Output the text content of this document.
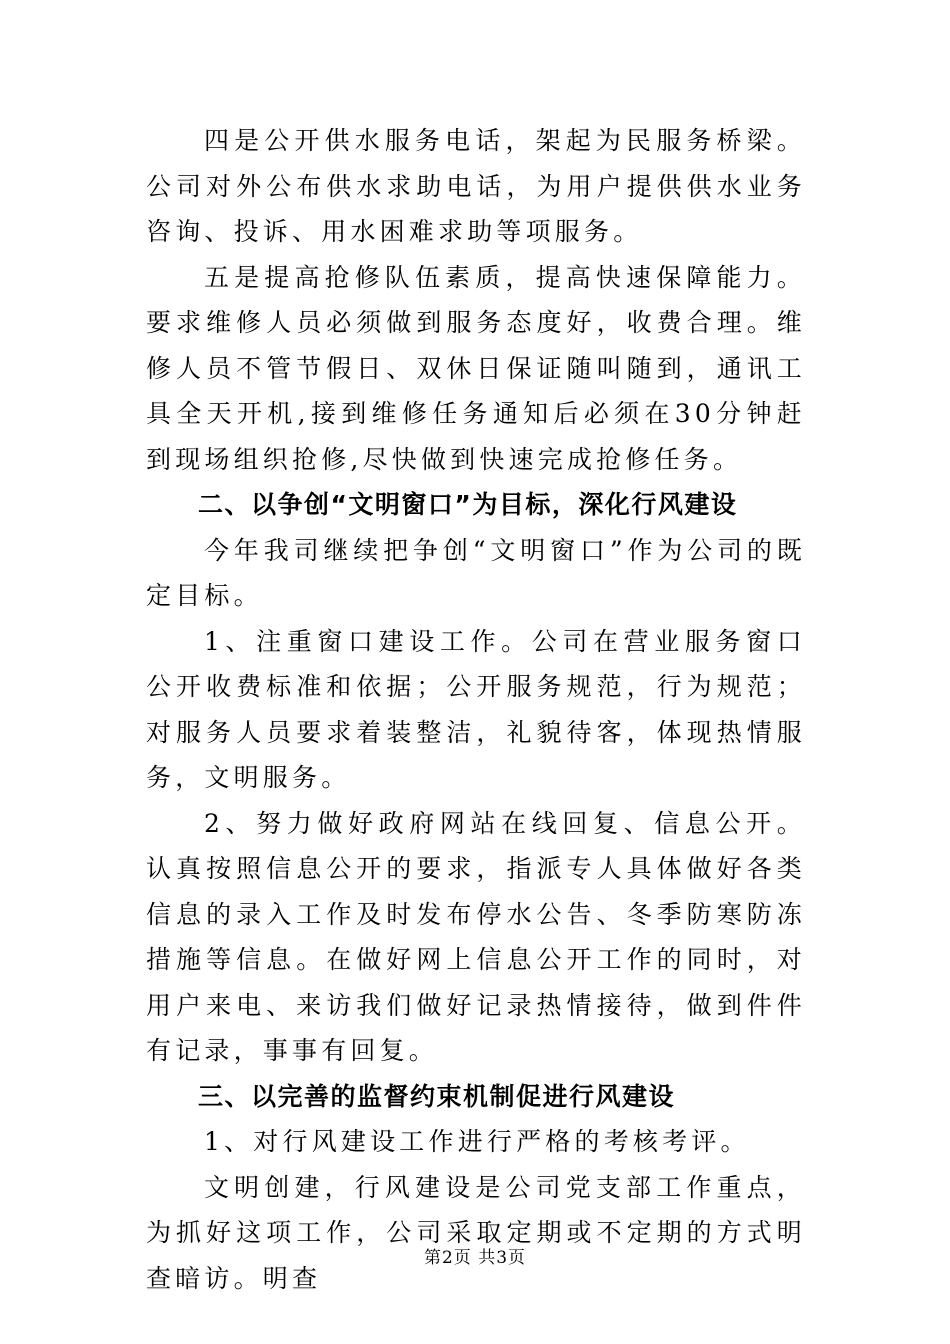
四是公开供水服务电话，架起为民服务桥梁。公司对外公布供水求助电话，为用户提供供水业务咨询、投诉、用水困难求助等项服务。

五是提高抢修队伍素质，提高快速保障能力。要求维修人员必须做到服务态度好，收费合理。维修人员不管节假日、双休日保证随叫随到，通讯工具全天开机,接到维修任务通知后必须在30分钟赶到现场组织抢修,尽快做到快速完成抢修任务。

二、以争创“文明窗口”为目标，深化行风建设

今年我司继续把争创“文明窗口”作为公司的既定目标。

1、注重窗口建设工作。公司在营业服务窗口公开收费标准和依据；公开服务规范，行为规范；对服务人员要求着装整洁，礼貌待客，体现热情服务，文明服务。

2、努力做好政府网站在线回复、信息公开。认真按照信息公开的要求，指派专人具体做好各类信息的录入工作及时发布停水公告、冬季防寒防冻措施等信息。在做好网上信息公开工作的同时，对用户来电、来访我们做好记录热情接待，做到件件有记录，事事有回复。

三、以完善的监督约束机制促进行风建设

1、对行风建设工作进行严格的考核考评。

文明创建，行风建设是公司党支部工作重点，为抓好这项工作，公司采取定期或不定期的方式明查暗访。明查

第2页 共3页
